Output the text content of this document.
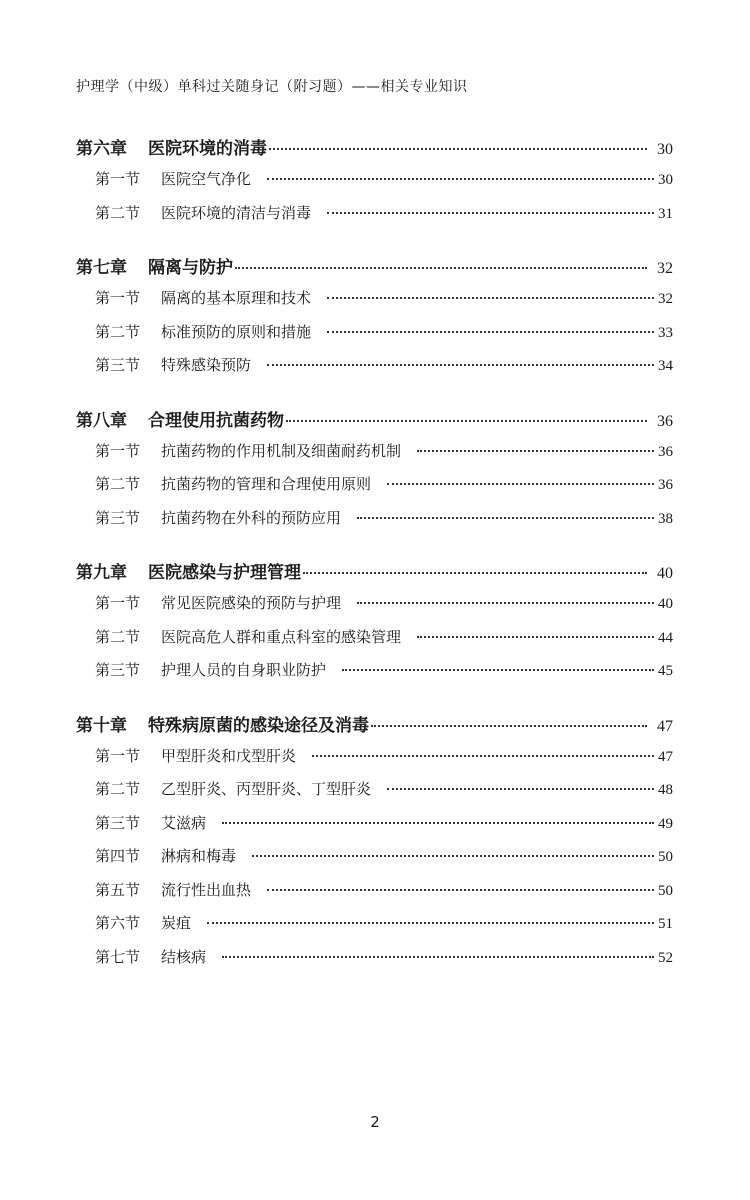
护理学（中级）单科过关随身记（附习题）——相关专业知识
第六章	医院环境的消毒	30
第一节	医院空气净化	30
第二节	医院环境的清洁与消毒	31
第七章	隔离与防护	32
第一节	隔离的基本原理和技术	32
第二节	标准预防的原则和措施	33
第三节	特殊感染预防	34
第八章	合理使用抗菌药物	36
第一节	抗菌药物的作用机制及细菌耐药机制	36
第二节	抗菌药物的管理和合理使用原则	36
第三节	抗菌药物在外科的预防应用	38
第九章	医院感染与护理管理	40
第一节	常见医院感染的预防与护理	40
第二节	医院高危人群和重点科室的感染管理	44
第三节	护理人员的自身职业防护	45
第十章	特殊病原菌的感染途径及消毒	47
第一节	甲型肝炎和戊型肝炎	47
第二节	乙型肝炎、丙型肝炎、丁型肝炎	48
第三节	艾滋病	49
第四节	淋病和梅毒	50
第五节	流行性出血热	50
第六节	炭疽	51
第七节	结核病	52
2
